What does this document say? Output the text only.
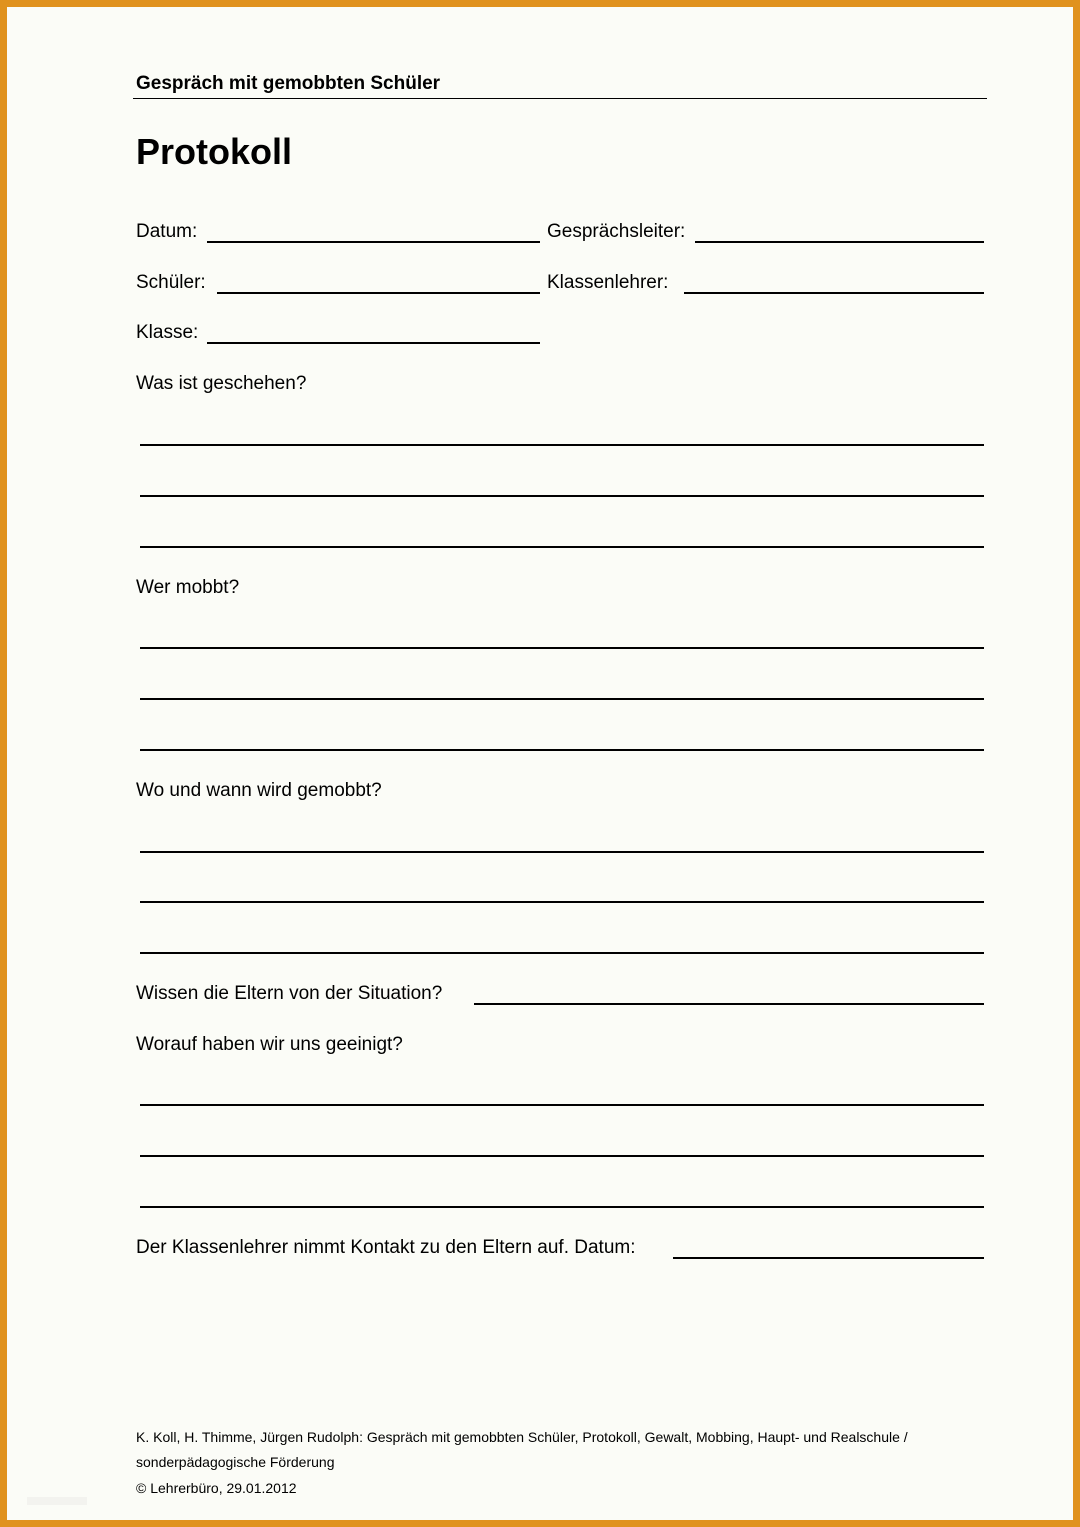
Gespräch mit gemobbten Schüler
Protokoll
Datum:	Gesprächsleiter:
Schüler:	Klassenlehrer:
Klasse:
Was ist geschehen?
Wer mobbt?
Wo und wann wird gemobbt?
Wissen die Eltern von der Situation?
Worauf haben wir uns geeinigt?
Der Klassenlehrer nimmt Kontakt zu den Eltern auf. Datum:
K. Koll, H. Thimme, Jürgen Rudolph: Gespräch mit gemobbten Schüler, Protokoll, Gewalt, Mobbing, Haupt- und Realschule /
sonderpädagogische Förderung
© Lehrerbüro, 29.01.2012
